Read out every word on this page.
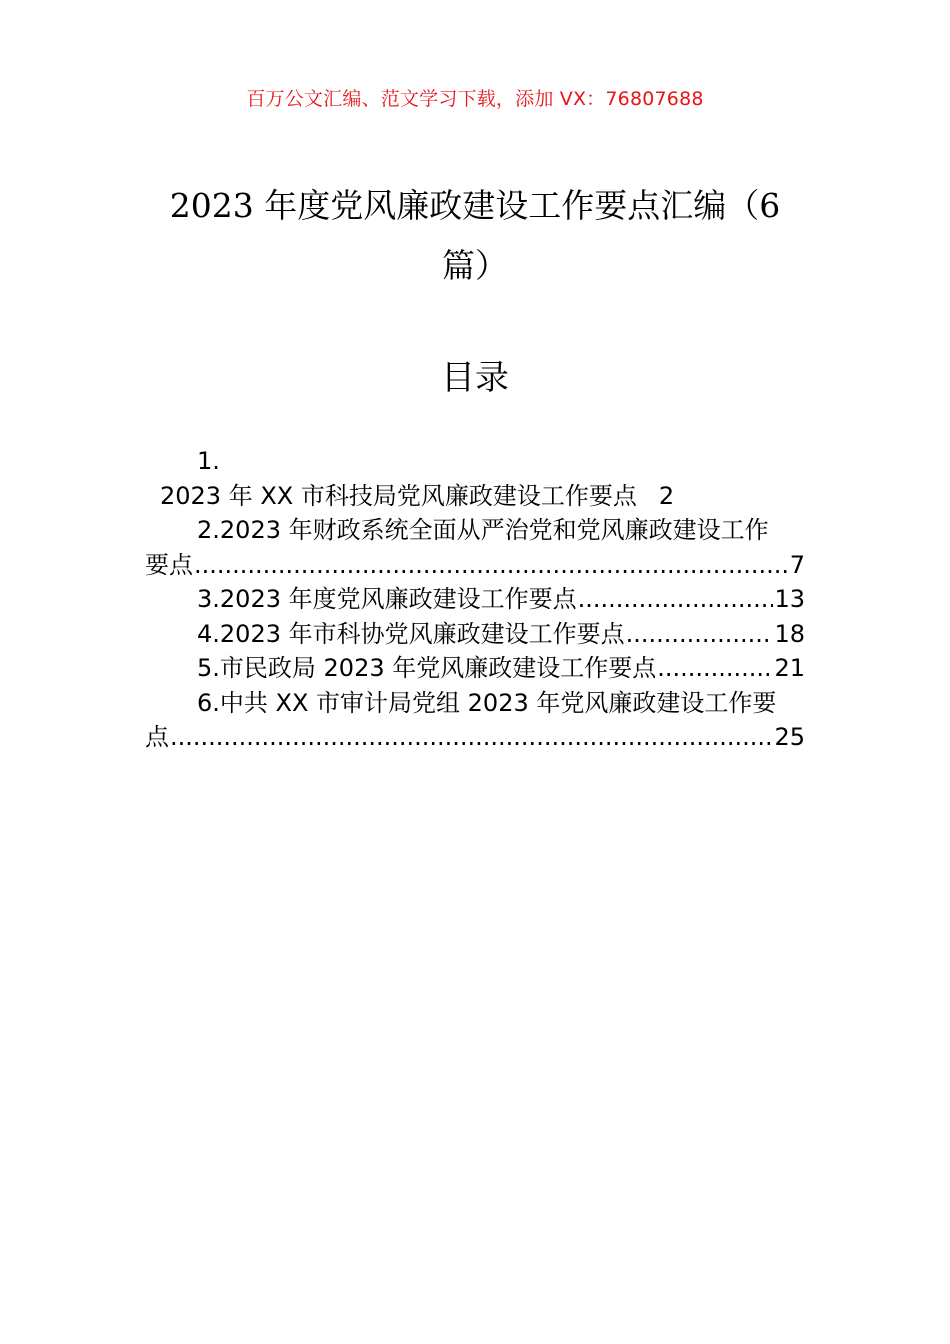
百万公文汇编、范文学习下载，添加 VX：76807688
2023 年度党风廉政建设工作要点汇编（6
篇）
目录
1.
2023 年 XX 市科技局党风廉政建设工作要点 2
2.2023 年财政系统全面从严治党和党风廉政建设工作
要点 .....	7
3.2023 年度党风廉政建设工作要点 .....	13
4.2023 年市科协党风廉政建设工作要点 .....	18
5.市民政局 2023 年党风廉政建设工作要点 .....	21
6.中共 XX 市审计局党组 2023 年党风廉政建设工作要
点 .....	25
